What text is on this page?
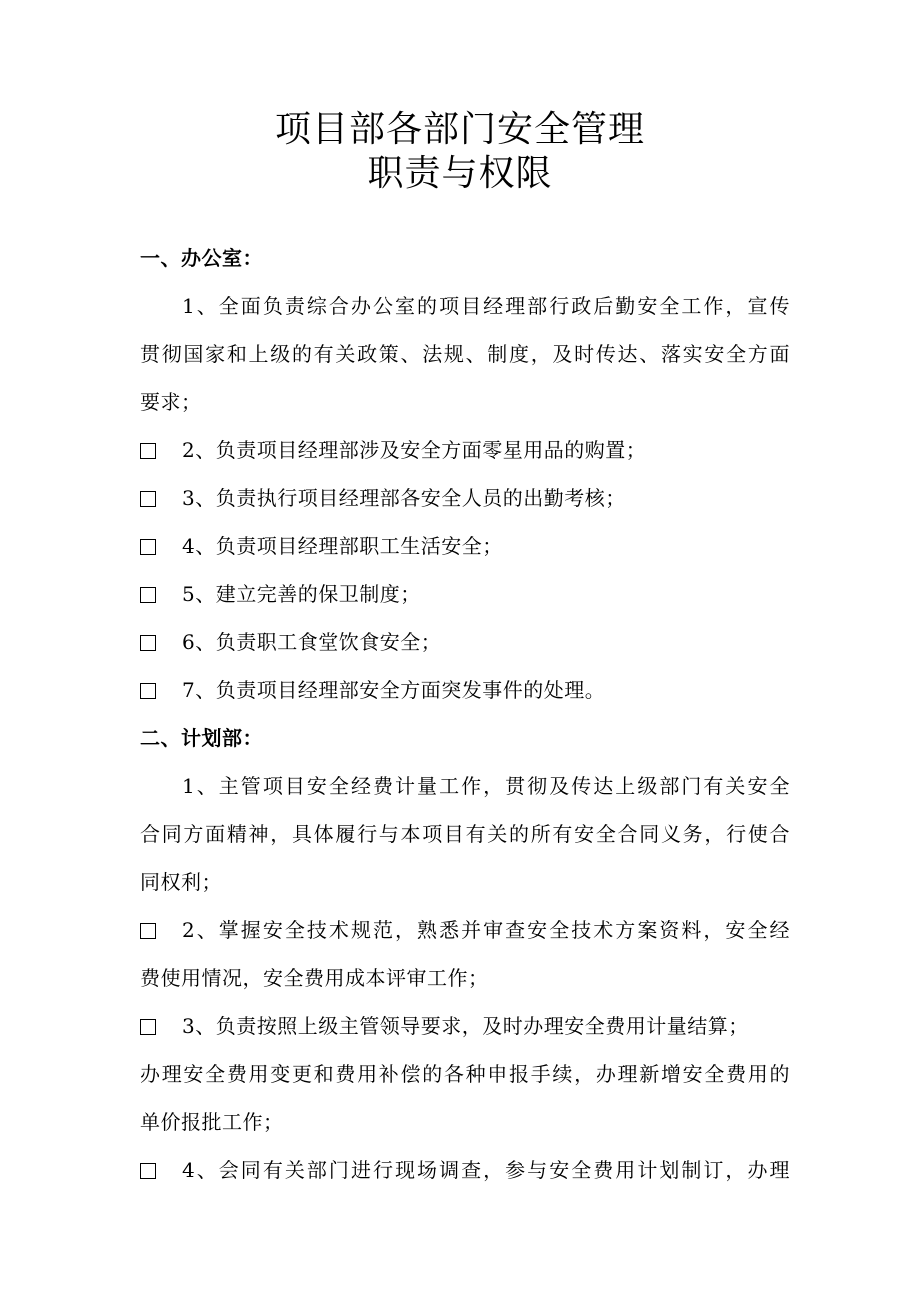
项目部各部门安全管理
职责与权限
一、办公室：
1、全面负责综合办公室的项目经理部行政后勤安全工作，宣传
贯彻国家和上级的有关政策、法规、制度，及时传达、落实安全方面
要求；
2、负责项目经理部涉及安全方面零星用品的购置；
3、负责执行项目经理部各安全人员的出勤考核；
4、负责项目经理部职工生活安全；
5、建立完善的保卫制度；
6、负责职工食堂饮食安全；
7、负责项目经理部安全方面突发事件的处理。
二、计划部：
1、主管项目安全经费计量工作，贯彻及传达上级部门有关安全
合同方面精神，具体履行与本项目有关的所有安全合同义务，行使合
同权利；
2、掌握安全技术规范，熟悉并审查安全技术方案资料，安全经
费使用情况，安全费用成本评审工作；
3、负责按照上级主管领导要求，及时办理安全费用计量结算；
办理安全费用变更和费用补偿的各种申报手续，办理新增安全费用的
单价报批工作；
4、会同有关部门进行现场调查，参与安全费用计划制订，办理
